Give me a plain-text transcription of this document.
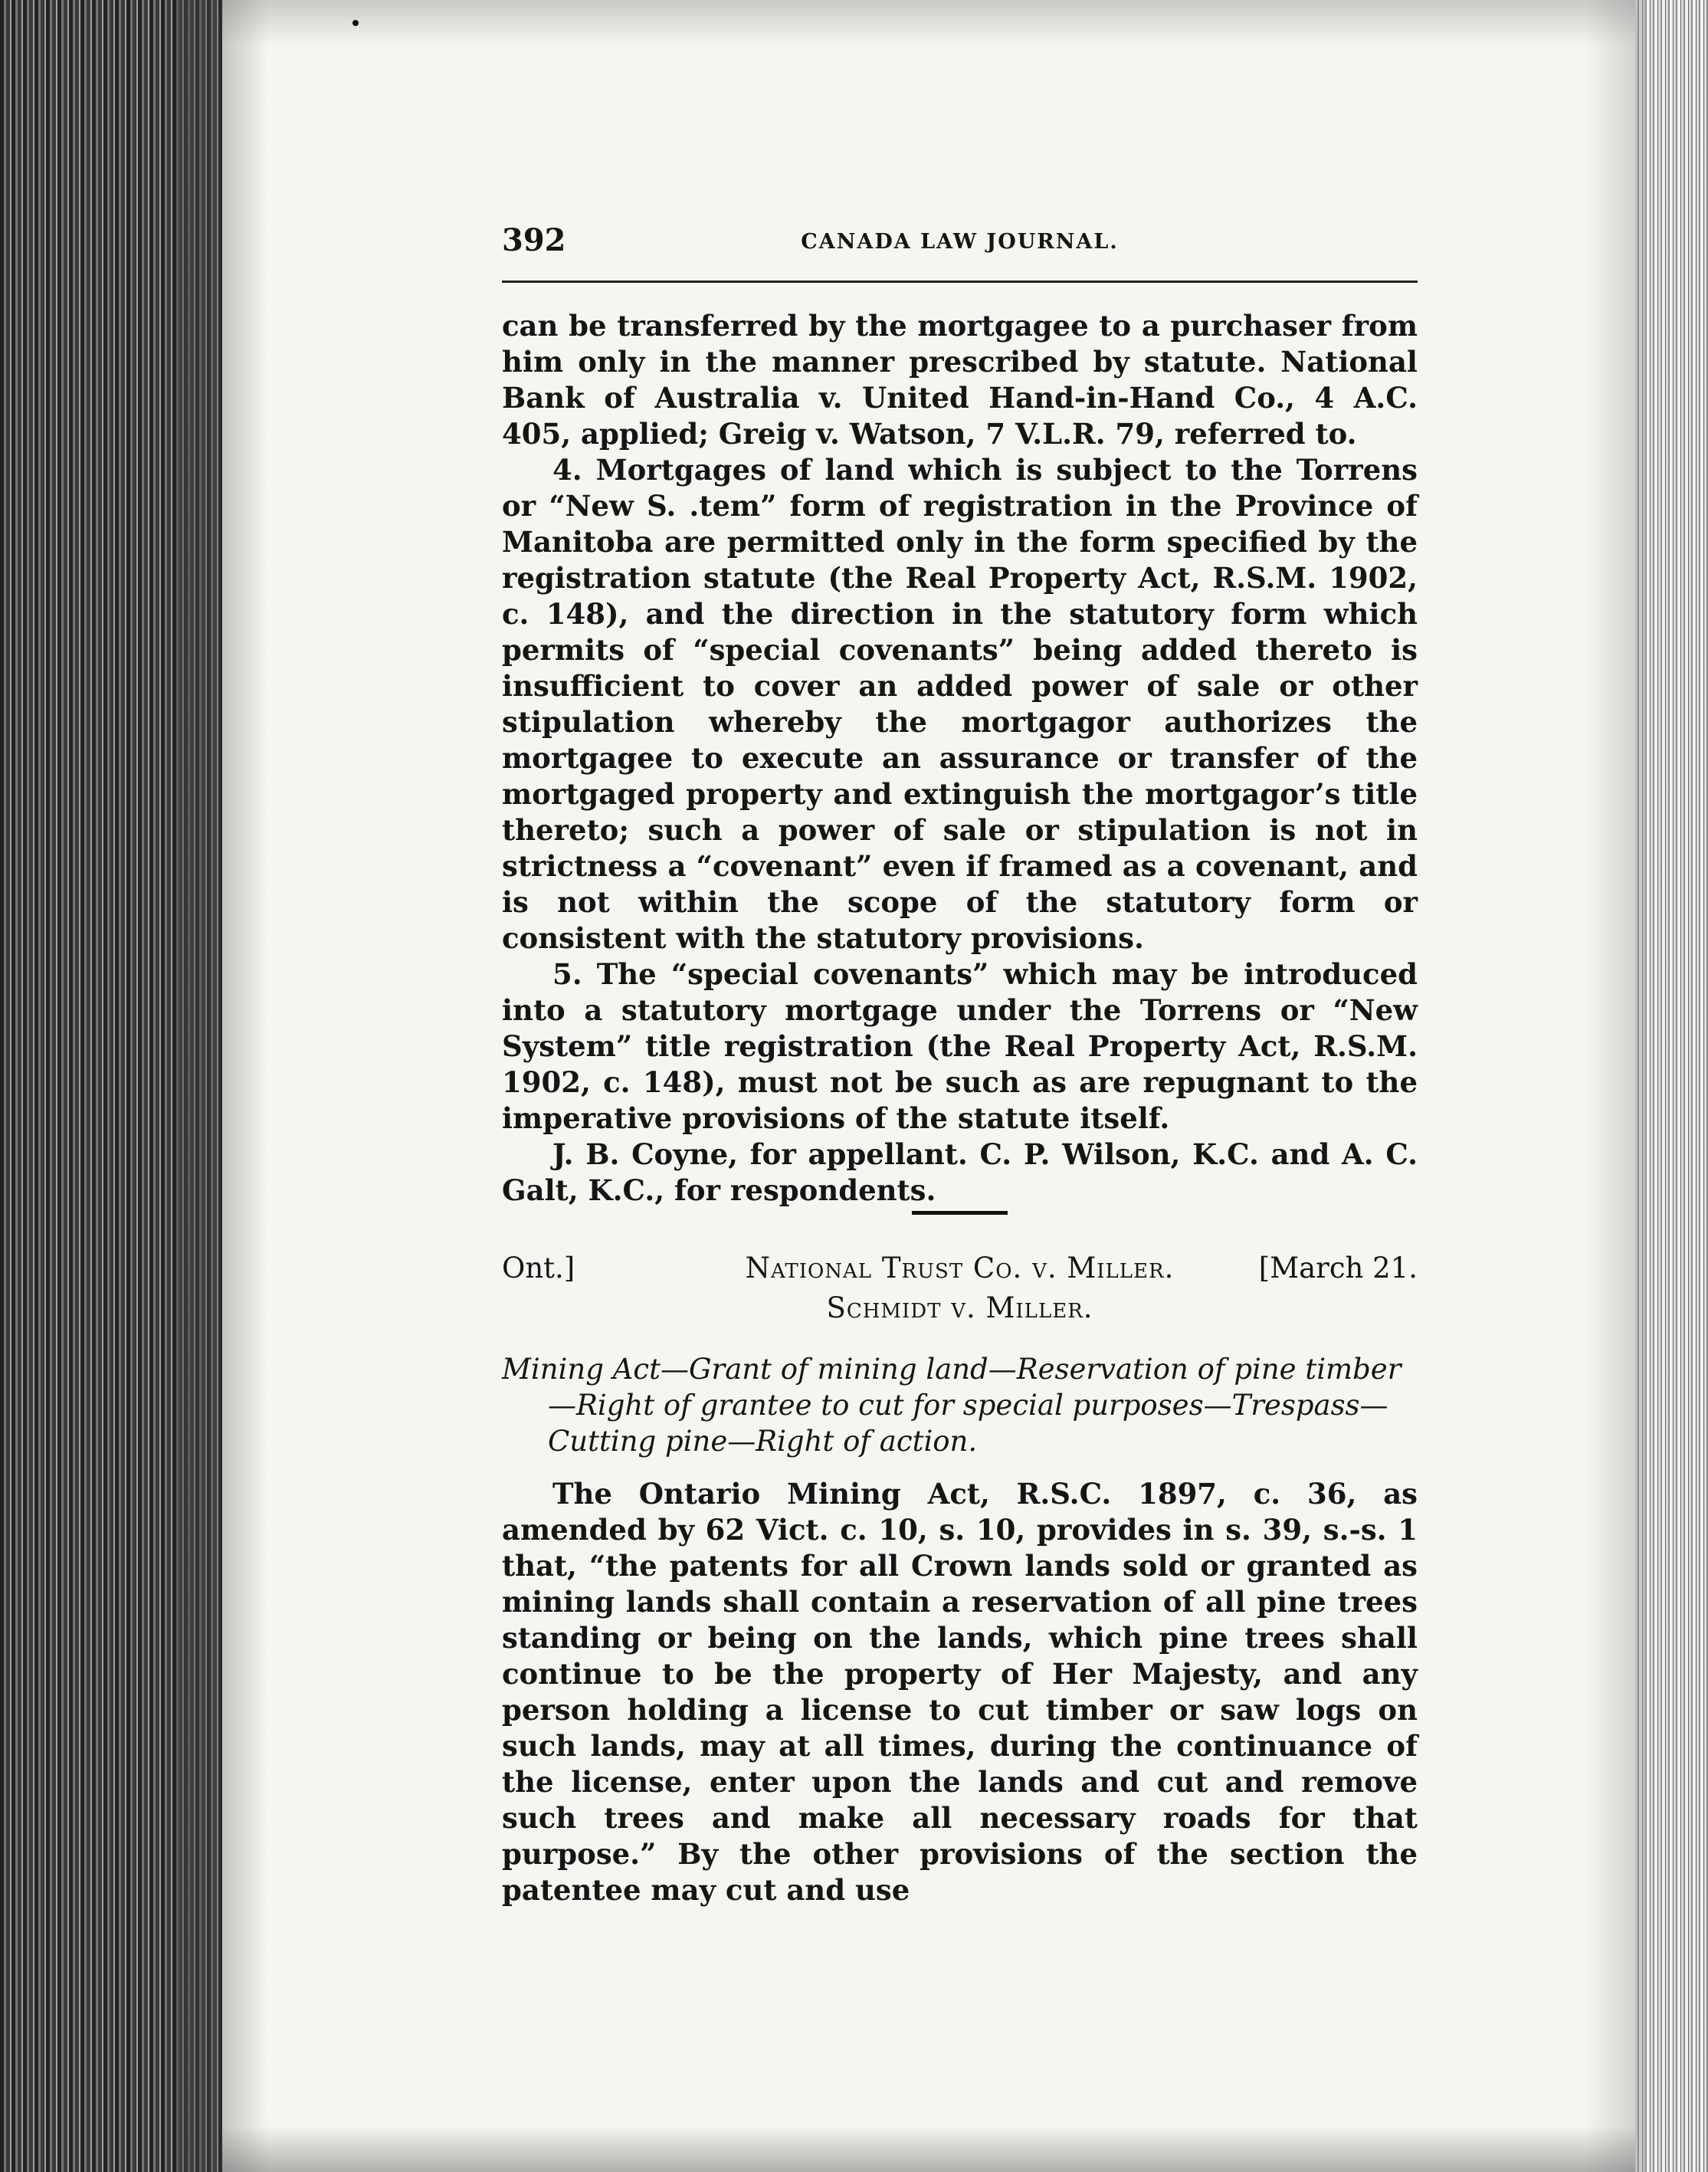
392	CANADA LAW JOURNAL.

can be transferred by the mortgagee to a purchaser from him only in the manner prescribed by statute. National Bank of Australia v. United Hand-in-Hand Co., 4 A.C. 405, applied; Greig v. Watson, 7 V.L.R. 79, referred to.

4. Mortgages of land which is subject to the Torrens or “New S. .tem” form of registration in the Province of Manitoba are permitted only in the form specified by the registration statute (the Real Property Act, R.S.M. 1902, c. 148), and the direction in the statutory form which permits of “special covenants” being added thereto is insufficient to cover an added power of sale or other stipulation whereby the mortgagor authorizes the mortgagee to execute an assurance or transfer of the mortgaged property and extinguish the mortgagor’s title thereto; such a power of sale or stipulation is not in strictness a “covenant” even if framed as a covenant, and is not within the scope of the statutory form or consistent with the statutory provisions.

5. The “special covenants” which may be introduced into a statutory mortgage under the Torrens or “New System” title registration (the Real Property Act, R.S.M. 1902, c. 148), must not be such as are repugnant to the imperative provisions of the statute itself.

J. B. Coyne, for appellant. C. P. Wilson, K.C. and A. C. Galt, K.C., for respondents.

Ont.]	National Trust Co. v. Miller.	[March 21.
Schmidt v. Miller.

Mining Act—Grant of mining land—Reservation of pine timber —Right of grantee to cut for special purposes—Trespass— Cutting pine—Right of action.

The Ontario Mining Act, R.S.C. 1897, c. 36, as amended by 62 Vict. c. 10, s. 10, provides in s. 39, s.-s. 1 that, “the patents for all Crown lands sold or granted as mining lands shall contain a reservation of all pine trees standing or being on the lands, which pine trees shall continue to be the property of Her Majesty, and any person holding a license to cut timber or saw logs on such lands, may at all times, during the continuance of the license, enter upon the lands and cut and remove such trees and make all necessary roads for that purpose.” By the other provisions of the section the patentee may cut and use
